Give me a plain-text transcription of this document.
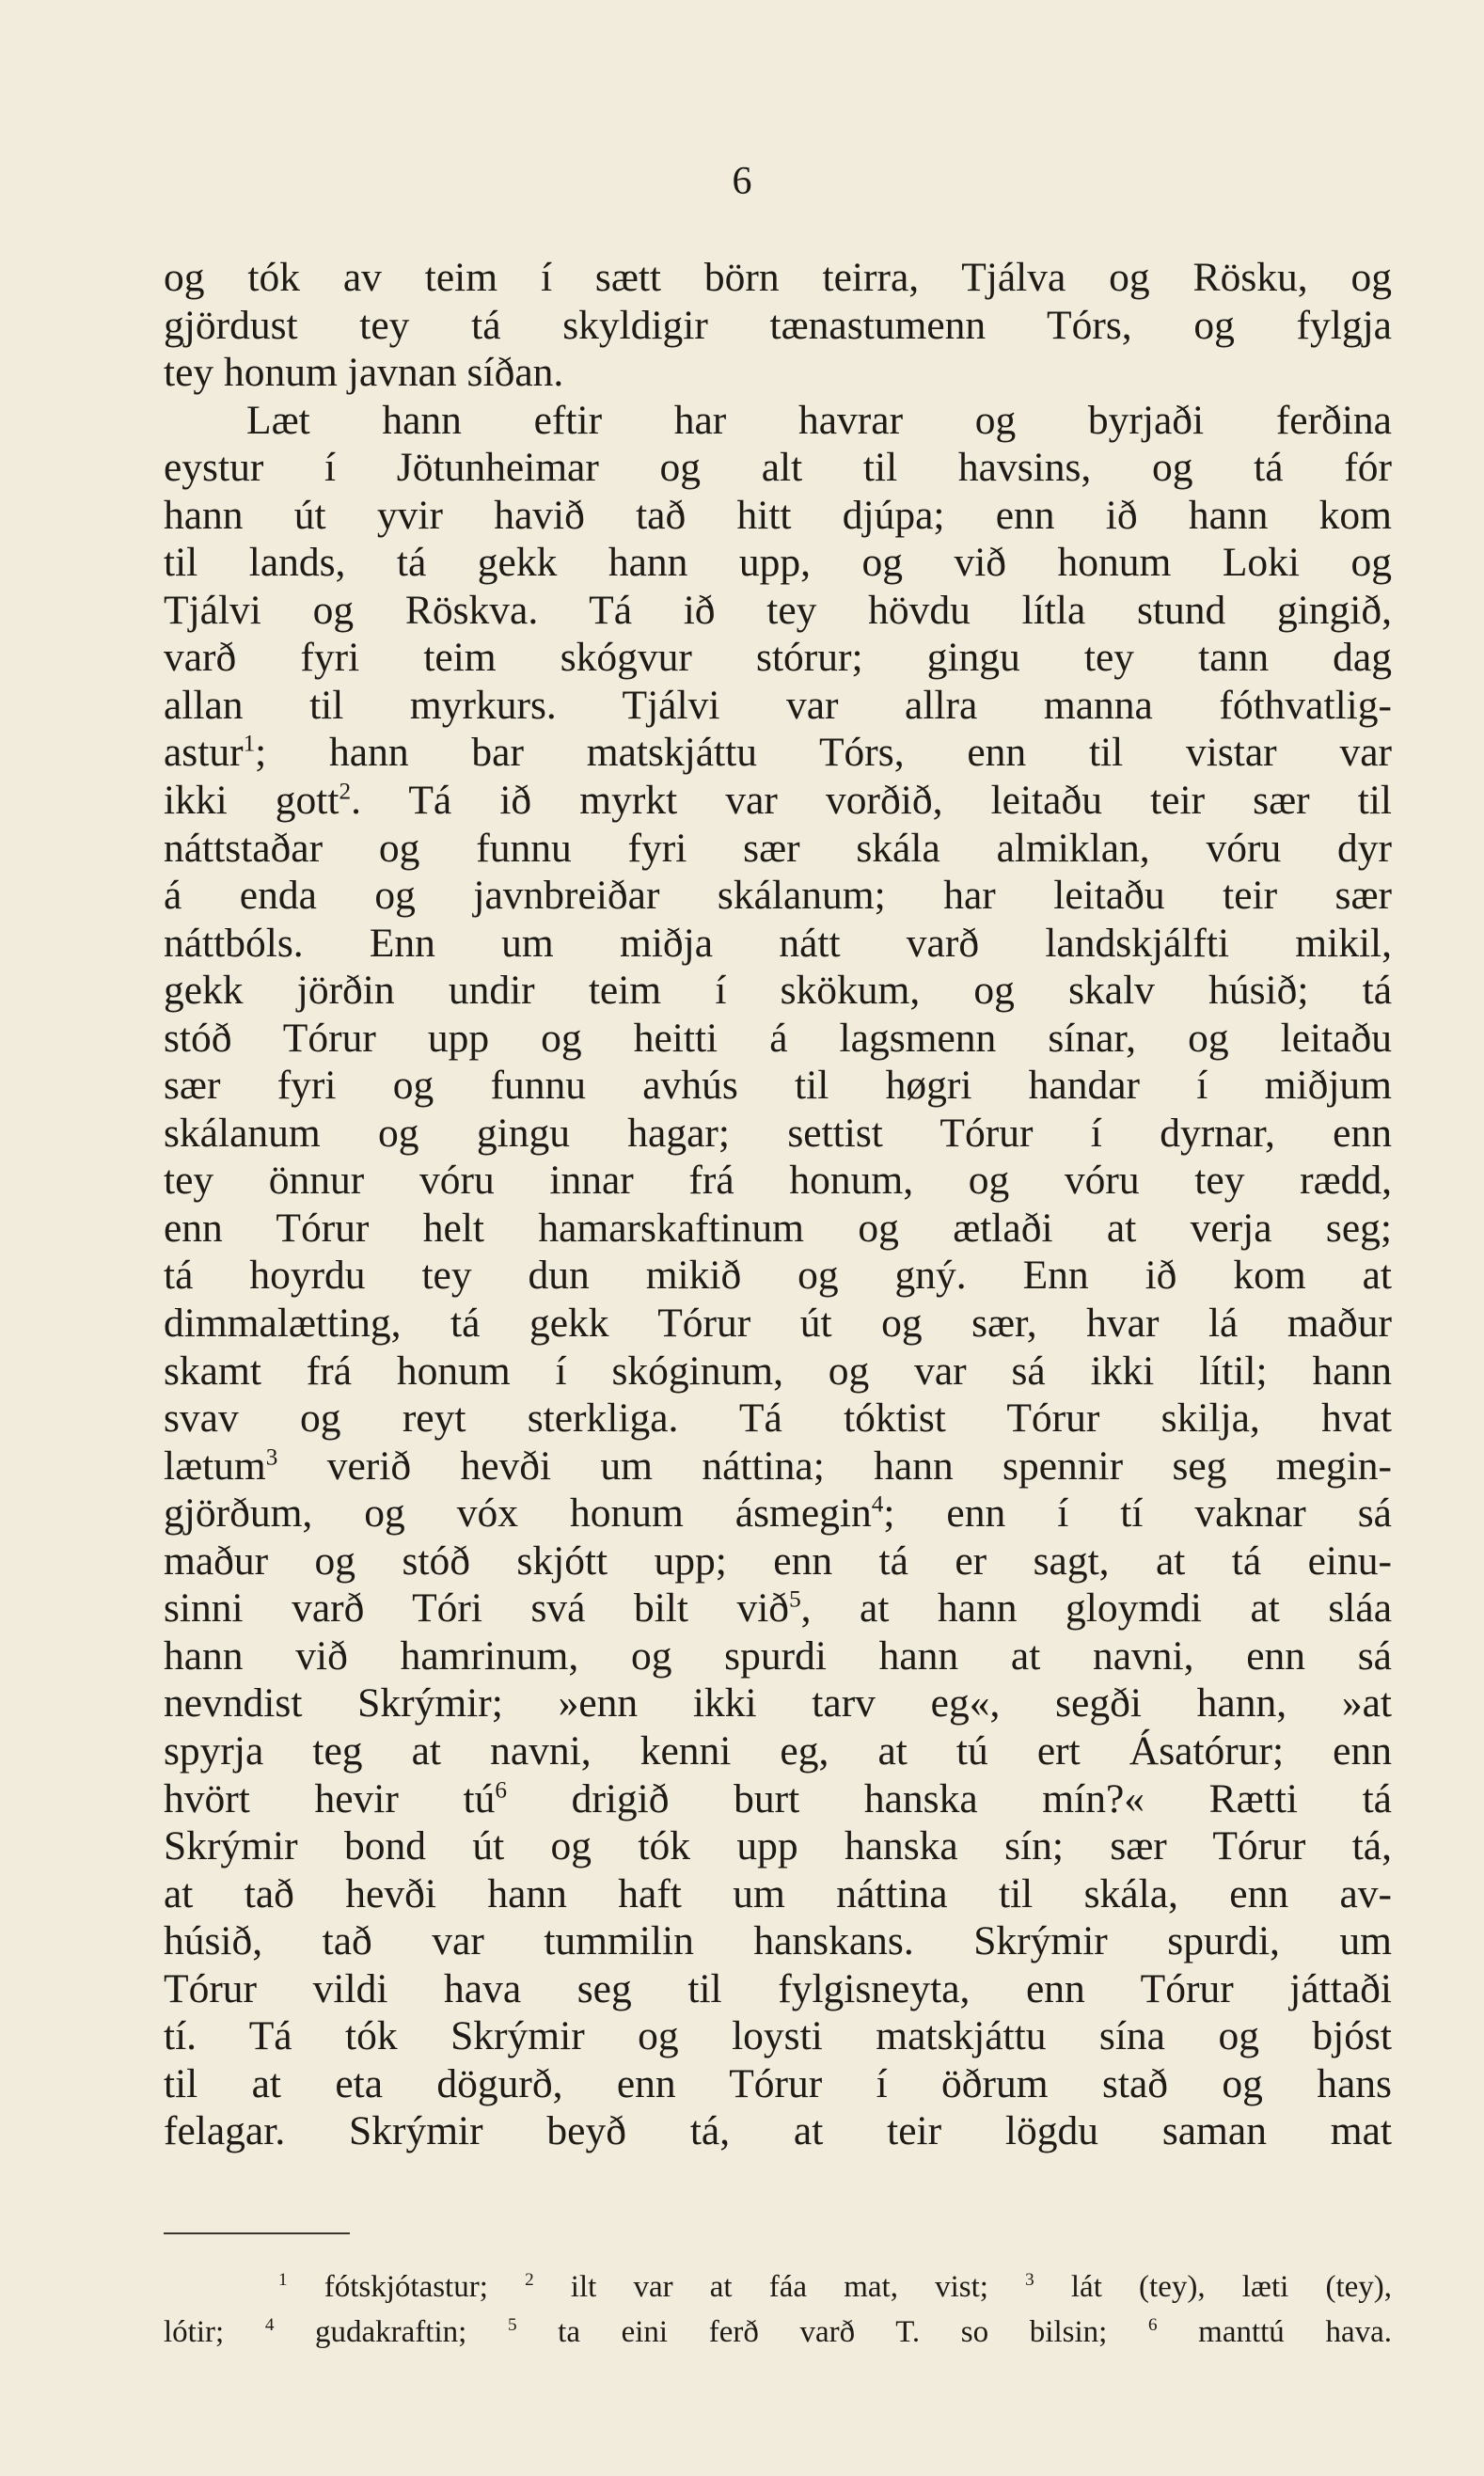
6
og tók av teim í sætt börn teirra, Tjálva og Rösku, og
gjördust tey tá skyldigir tænastumenn Tórs, og fylgja
tey honum javnan síðan.
Læt hann eftir har havrar og byrjaði ferðina
eystur í Jötunheimar og alt til havsins, og tá fór
hann út yvir havið tað hitt djúpa; enn ið hann kom
til lands, tá gekk hann upp, og við honum Loki og
Tjálvi og Röskva. Tá ið tey hövdu lítla stund gingið,
varð fyri teim skógvur stórur; gingu tey tann dag
allan til myrkurs. Tjálvi var allra manna fóthvatlig-
astur$^1$; hann bar matskjáttu Tórs, enn til vistar var
ikki gott$^2$. Tá ið myrkt var vorðið, leitaðu teir sær til
náttstaðar og funnu fyri sær skála almiklan, vóru dyr
á enda og javnbreiðar skálanum; har leitaðu teir sær
náttbóls. Enn um miðja nátt varð landskjálfti mikil,
gekk jörðin undir teim í skökum, og skalv húsið; tá
stóð Tórur upp og heitti á lagsmenn sínar, og leitaðu
sær fyri og funnu avhús til høgri handar í miðjum
skálanum og gingu hagar; settist Tórur í dyrnar, enn
tey önnur vóru innar frá honum, og vóru tey rædd,
enn Tórur helt hamarskaftinum og ætlaði at verja seg;
tá hoyrdu tey dun mikið og gný. Enn ið kom at
dimmalætting, tá gekk Tórur út og sær, hvar lá maður
skamt frá honum í skóginum, og var sá ikki lítil; hann
svav og reyt sterkliga. Tá tóktist Tórur skilja, hvat
lætum$^3$ verið hevði um náttina; hann spennir seg megin-
gjörðum, og vóx honum ásmegin$^4$; enn í tí vaknar sá
maður og stóð skjótt upp; enn tá er sagt, at tá einu-
sinni varð Tóri svá bilt við$^5$, at hann gloymdi at sláa
hann við hamrinum, og spurdi hann at navni, enn sá
nevndist Skrýmir; »enn ikki tarv eg«, segði hann, »at
spyrja teg at navni, kenni eg, at tú ert Ásatórur; enn
hvört hevir $tú^6$ drigið burt hanska mín?« Rætti tá
Skrýmir bond út og tók upp hanska sín; sær Tórur tá,
at tað hevði hann haft um náttina til skála, enn av-
húsið, tað var tummilin hanskans. Skrýmir spurdi, um
Tórur vildi hava seg til fylgisneyta, enn Tórur játtaði
tí. Tá tók Skrýmir og loysti matskjáttu sína og bjóst
til at eta dögurð, enn Tórur í öðrum stað og hans
felagar. Skrýmir beyð tá, at teir lögdu saman mat
$^1$ fótskjótastur; $^2$ ilt var at fáa mat, vist; $^3$ lát (tey), læti (tey),
lótir; $^4$ gudakraftin; $^5$ ta eini ferð varð T. so bilsin; $^6$ manttú hava.
